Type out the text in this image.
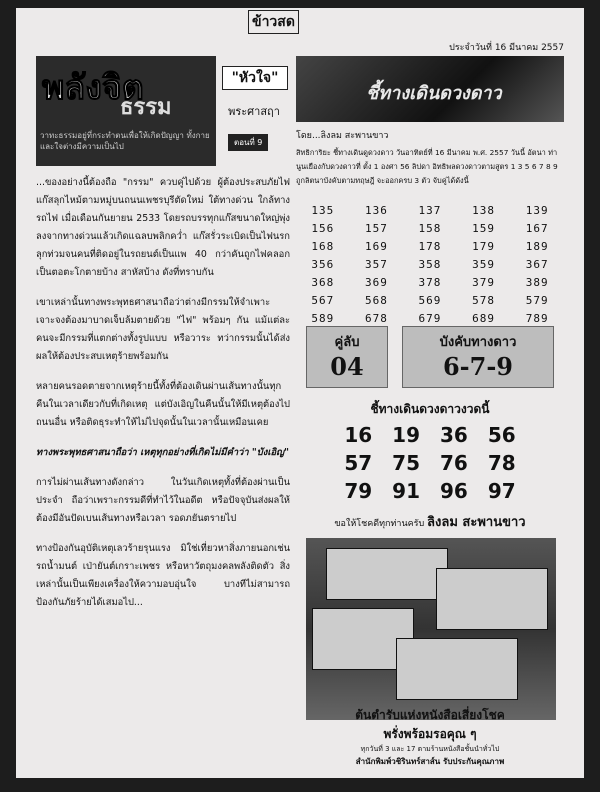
ข้าวสด
ประจำวันที่ 16 มีนาคม 2557
พลังจิต
ธรรม
วาทะธรรมอยู่ที่กระทำตนเพื่อให้เกิดปัญญา ทั้งกายและใจต่างมีความเป็นไป
"หัวใจ"
พระศาสฤา
ตอนที่ 9

...ของอย่างนี้ต้องถือ "กรรม" ควบคู่ไปด้วย ผู้ต้องประสบภัยไฟแก๊สลุกไหม้ตามหมู่บนถนนเพชรบุรีตัดใหม่ ใต้ทางด่วน ใกล้ทางรถไฟ เมื่อเดือนกันยายน 2533 โดยรถบรรทุกแก๊สขนาดใหญ่พุ่งลงจากทางด่วนแล้วเกิดแฉลบพลิกคว่ำ แก๊สรั่วระเบิดเป็นไฟนรกลุกท่วมจนคนที่ติดอยู่ในรถยนต์เป็นแพ 40 กว่าคันถูกไฟคลอกเป็นตอตะโกตายบ้าง สาหัสบ้าง ดังที่ทราบกัน

เขาเหล่านั้นทางพระพุทธศาสนาถือว่าต่างมีกรรมให้จำเพาะเจาะจงต้องมาบาดเจ็บล้มตายด้วย "ไฟ" พร้อมๆ กัน แม้แต่ละคนจะมีกรรมที่แตกต่างทั้งรูปแบบ หรือวาระ ทว่ากรรมนั้นได้ส่งผลให้ต้องประสบเหตุร้ายพร้อมกัน

หลายคนรอดตายจากเหตุร้ายนี้ทั้งที่ต้องเดินผ่านเส้นทางนั้นทุกคืนในเวลาเดียวกับที่เกิดเหตุ แต่บังเอิญในคืนนั้นให้มีเหตุต้องไปถนนอื่น หรือติดธุระทำให้ไม่ไปจุดนั้นในเวลานั้นเหมือนเคย

ทางพระพุทธศาสนาถือว่า เหตุทุกอย่างที่เกิดไม่มีคำว่า "บังเอิญ"

การไม่ผ่านเส้นทางดังกล่าว ในวันเกิดเหตุทั้งที่ต้องผ่านเป็นประจำ ถือว่าเพราะกรรมดีที่ทำไว้ในอดีต หรือปัจจุบันส่งผลให้ต้องมีอันปัดเบนเส้นทางหรือเวลา รอดภยันตรายไป

ทางป้องกันอุบัติเหตุเลวร้ายรุนแรง มิใช่เที่ยวหาสิ่งภายนอกเช่น รถน้ำมนต์ เป่ายันต์เกราะเพชร หรือหาวัตถุมงคลพลังติดตัว สิ่งเหล่านั้นเป็นเพียงเครื่องให้ความอบอุ่นใจ บางทีไม่สามารถป้องกันภัยร้ายได้เสมอไป...

ชี้ทางเดินดวงดาว
โดย...ลิงลม สะพานขาว
สิทธิการิยะ ชี้ทางเดินดูดวงดาว วันอาทิตย์ที่ 16 มีนาคม พ.ศ. 2557 วันนี้ อัตนา ท่านูนเยืองกับดวงดาวที่ ตั้ง 1 องศา 56 ลิปดา อิทธิพลดวงดาวตามสูตร 1 3 5 6 7 8 9 ถูกลิตนาบังคับตามทฤษฎี จะออกครบ 3 ตัว จับคู่ได้ดังนี้
135	136	137	138	139
156	157	158	159	167
168	169	178	179	189
356	357	358	359	367
368	369	378	379	389
567	568	569	578	579
589	678	679	689	789
คู่ลับ
04
บังคับทางดาว
6-7-9
ชี้ทางเดินดวงดาวงวดนี้
16 19 36 56
57 75 76 78
79 91 96 97
ขอให้โชคดีทุกท่านครับ ลิงลม สะพานขาว
ต้นตำรับแห่งหนังสือเสี่ยงโชค
พรั่งพร้อมรอคุณ ๆ
ทุกวันที่ 3 และ 17 ตามร้านหนังสือชั้นนำทั่วไป
สำนักพิมพ์วชิรินทร์สาส์น รับประกันคุณภาพ
